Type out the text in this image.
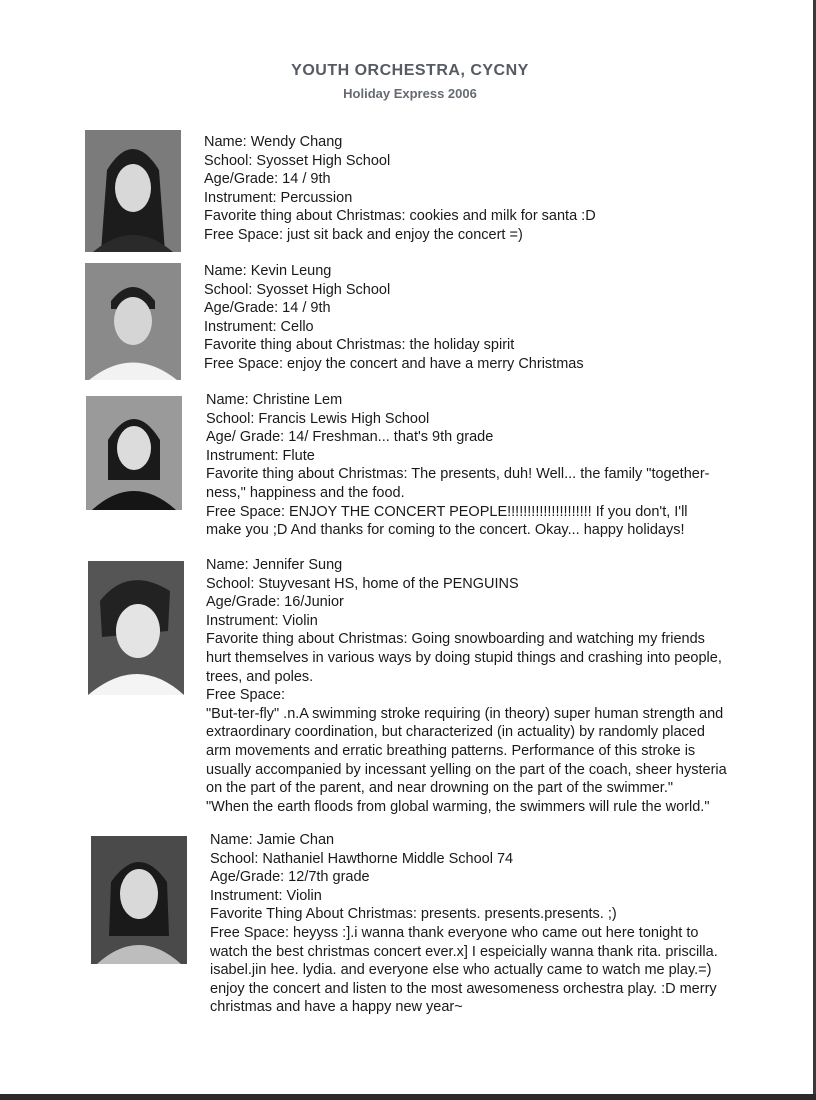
YOUTH ORCHESTRA, CYCNY
Holiday Express 2006
Name: Wendy Chang
School: Syosset High School
Age/Grade: 14 / 9th
Instrument: Percussion
Favorite thing about Christmas: cookies and milk for santa :D
Free Space: just sit back and enjoy the concert =)
Name: Kevin Leung
School: Syosset High School
Age/Grade: 14 / 9th
Instrument: Cello
Favorite thing about Christmas: the holiday spirit
Free Space: enjoy the concert and have a merry Christmas
Name: Christine Lem
School: Francis Lewis High School
Age/ Grade: 14/ Freshman... that's 9th grade
Instrument: Flute
Favorite thing about Christmas: The presents, duh! Well... the family "together-
ness," happiness and the food.
Free Space: ENJOY THE CONCERT PEOPLE!!!!!!!!!!!!!!!!!!!!! If you don't, I'll
make you ;D And thanks for coming to the concert. Okay... happy holidays!
Name: Jennifer Sung
School: Stuyvesant HS, home of the PENGUINS
Age/Grade: 16/Junior
Instrument: Violin
Favorite thing about Christmas: Going snowboarding and watching my friends
hurt themselves in various ways by doing stupid things and crashing into people,
trees, and poles.
Free Space:
"But-ter-fly" .n.A swimming stroke requiring (in theory) super human strength and
extraordinary coordination, but characterized (in actuality) by randomly placed
arm movements and erratic breathing patterns. Performance of this stroke is
usually accompanied by incessant yelling on the part of the coach, sheer hysteria
on the part of the parent, and near drowning on the part of the swimmer."
"When the earth floods from global warming, the swimmers will rule the world."
Name: Jamie Chan
School: Nathaniel Hawthorne Middle School 74
Age/Grade: 12/7th grade
Instrument: Violin
Favorite Thing About Christmas: presents. presents.presents. ;)
Free Space: heyyss :].i wanna thank everyone who came out here tonight to
watch the best christmas concert ever.x] I espeicially wanna thank rita. priscilla.
isabel.jin hee. lydia. and everyone else who actually came to watch me play.=)
enjoy the concert and listen to the most awesomeness orchestra play. :D merry
christmas and have a happy new year~
